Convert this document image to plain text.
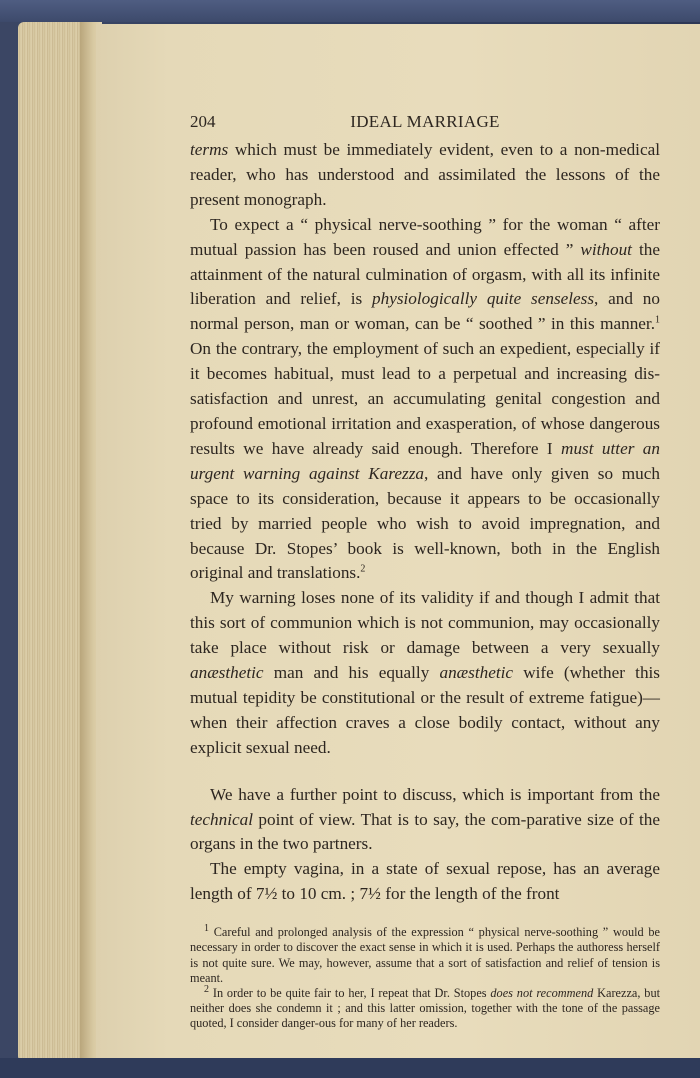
204	IDEAL MARRIAGE

terms which must be immediately evident, even to a non-medical reader, who has understood and assimilated the lessons of the present monograph.

To expect a “ physical nerve-soothing ” for the woman “ after mutual passion has been roused and union effected ” without the attainment of the natural culmination of orgasm, with all its infinite liberation and relief, is physiologically quite senseless, and no normal person, man or woman, can be “ soothed ” in this manner.$^1$ On the contrary, the employment of such an expedient, especially if it becomes habitual, must lead to a perpetual and increasing dis-satisfaction and unrest, an accumulating genital congestion and profound emotional irritation and exasperation, of whose dangerous results we have already said enough. Therefore I must utter an urgent warning against Karezza, and have only given so much space to its consideration, because it appears to be occasionally tried by married people who wish to avoid impregnation, and because Dr. Stopes’ book is well-known, both in the English original and translations.$^2$

My warning loses none of its validity if and though I admit that this sort of communion which is not communion, may occasionally take place without risk or damage between a very sexually anæsthetic man and his equally anæsthetic wife (whether this mutual tepidity be constitutional or the result of extreme fatigue)—when their affection craves a close bodily contact, without any explicit sexual need.

We have a further point to discuss, which is important from the technical point of view. That is to say, the com-parative size of the organs in the two partners.

The empty vagina, in a state of sexual repose, has an average length of 7½ to 10 cm. ; 7½ for the length of the front

$^1$ Careful and prolonged analysis of the expression “ physical nerve-soothing ” would be necessary in order to discover the exact sense in which it is used. Perhaps the authoress herself is not quite sure. We may, however, assume that a sort of satisfaction and relief of tension is meant.

$^2$ In order to be quite fair to her, I repeat that Dr. Stopes does not recommend Karezza, but neither does she condemn it ; and this latter omission, together with the tone of the passage quoted, I consider danger-ous for many of her readers.
